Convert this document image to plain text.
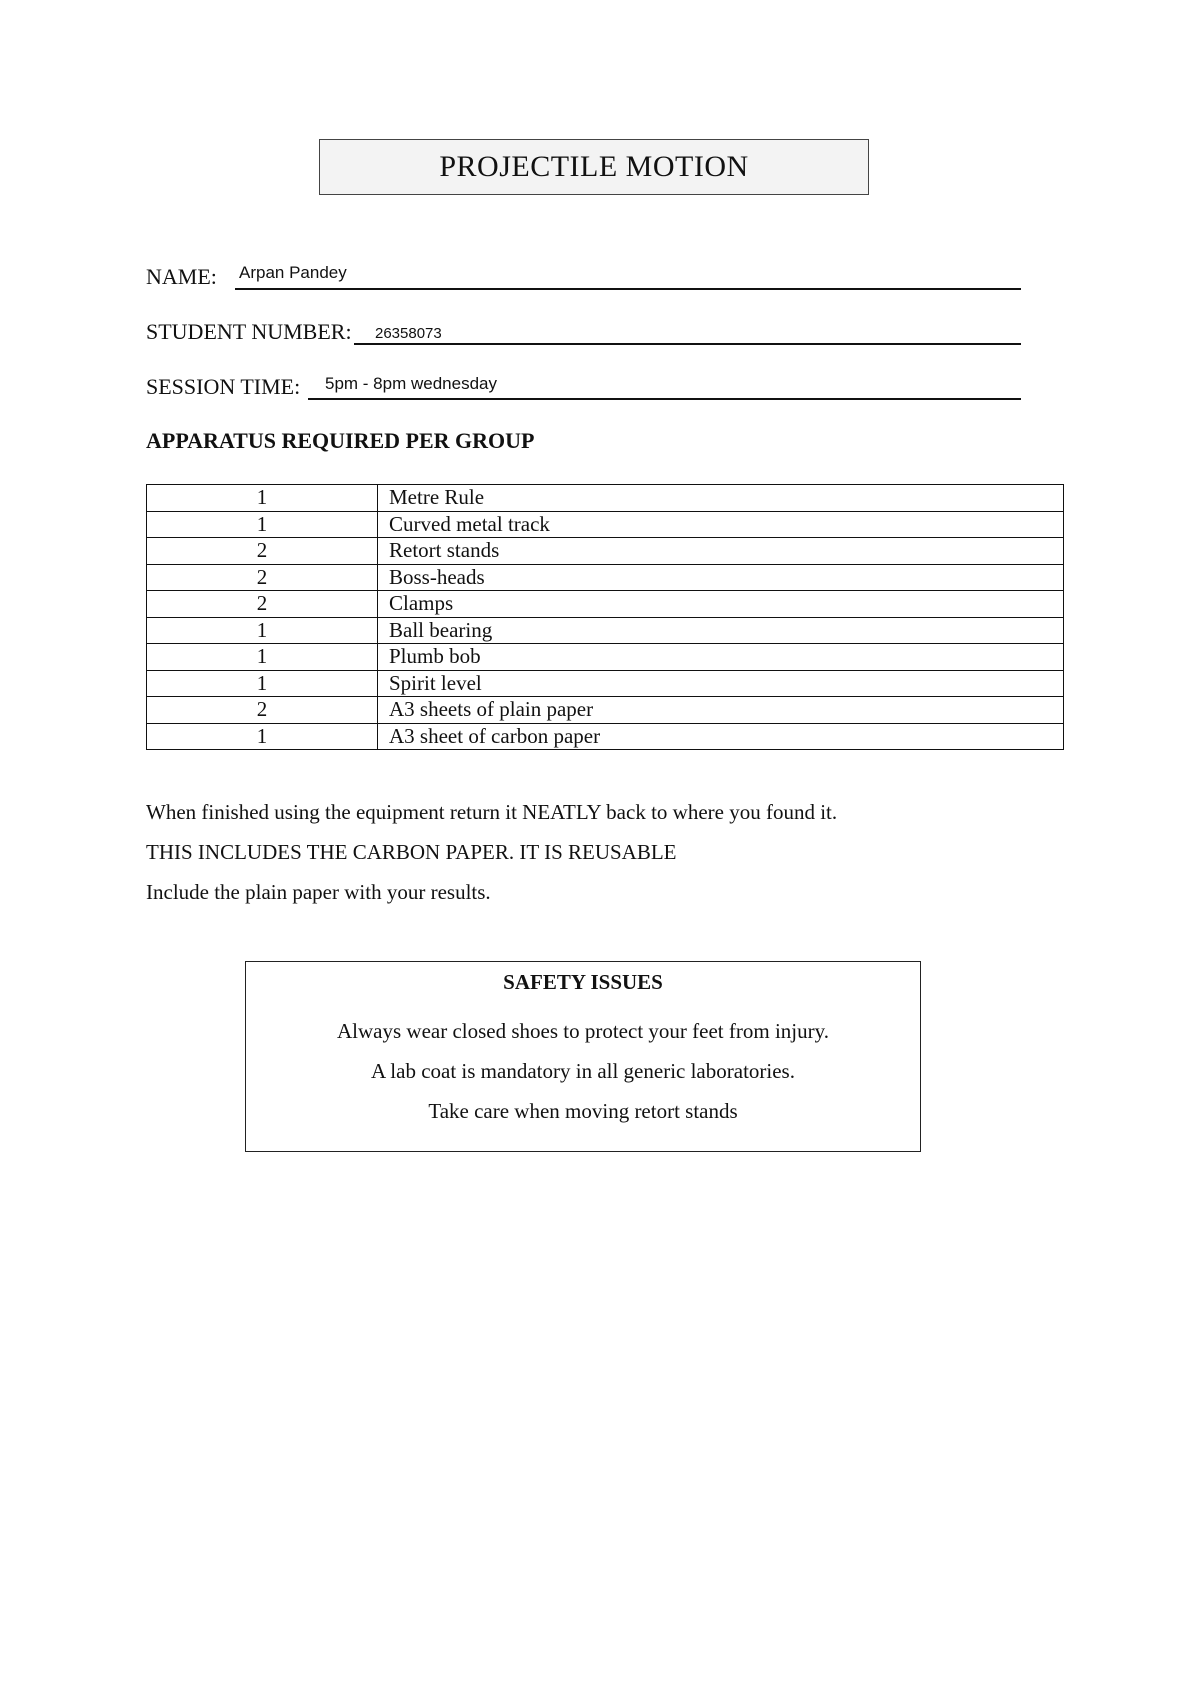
PROJECTILE MOTION
NAME: Arpan Pandey
STUDENT NUMBER: 26358073
SESSION TIME: 5pm - 8pm wednesday
APPARATUS REQUIRED PER GROUP
1	Metre Rule
1	Curved metal track
2	Retort stands
2	Boss-heads
2	Clamps
1	Ball bearing
1	Plumb bob
1	Spirit level
2	A3 sheets of plain paper
1	A3 sheet of carbon paper
When finished using the equipment return it NEATLY back to where you found it.
THIS INCLUDES THE CARBON PAPER. IT IS REUSABLE
Include the plain paper with your results.
SAFETY ISSUES
Always wear closed shoes to protect your feet from injury.
A lab coat is mandatory in all generic laboratories.
Take care when moving retort stands
